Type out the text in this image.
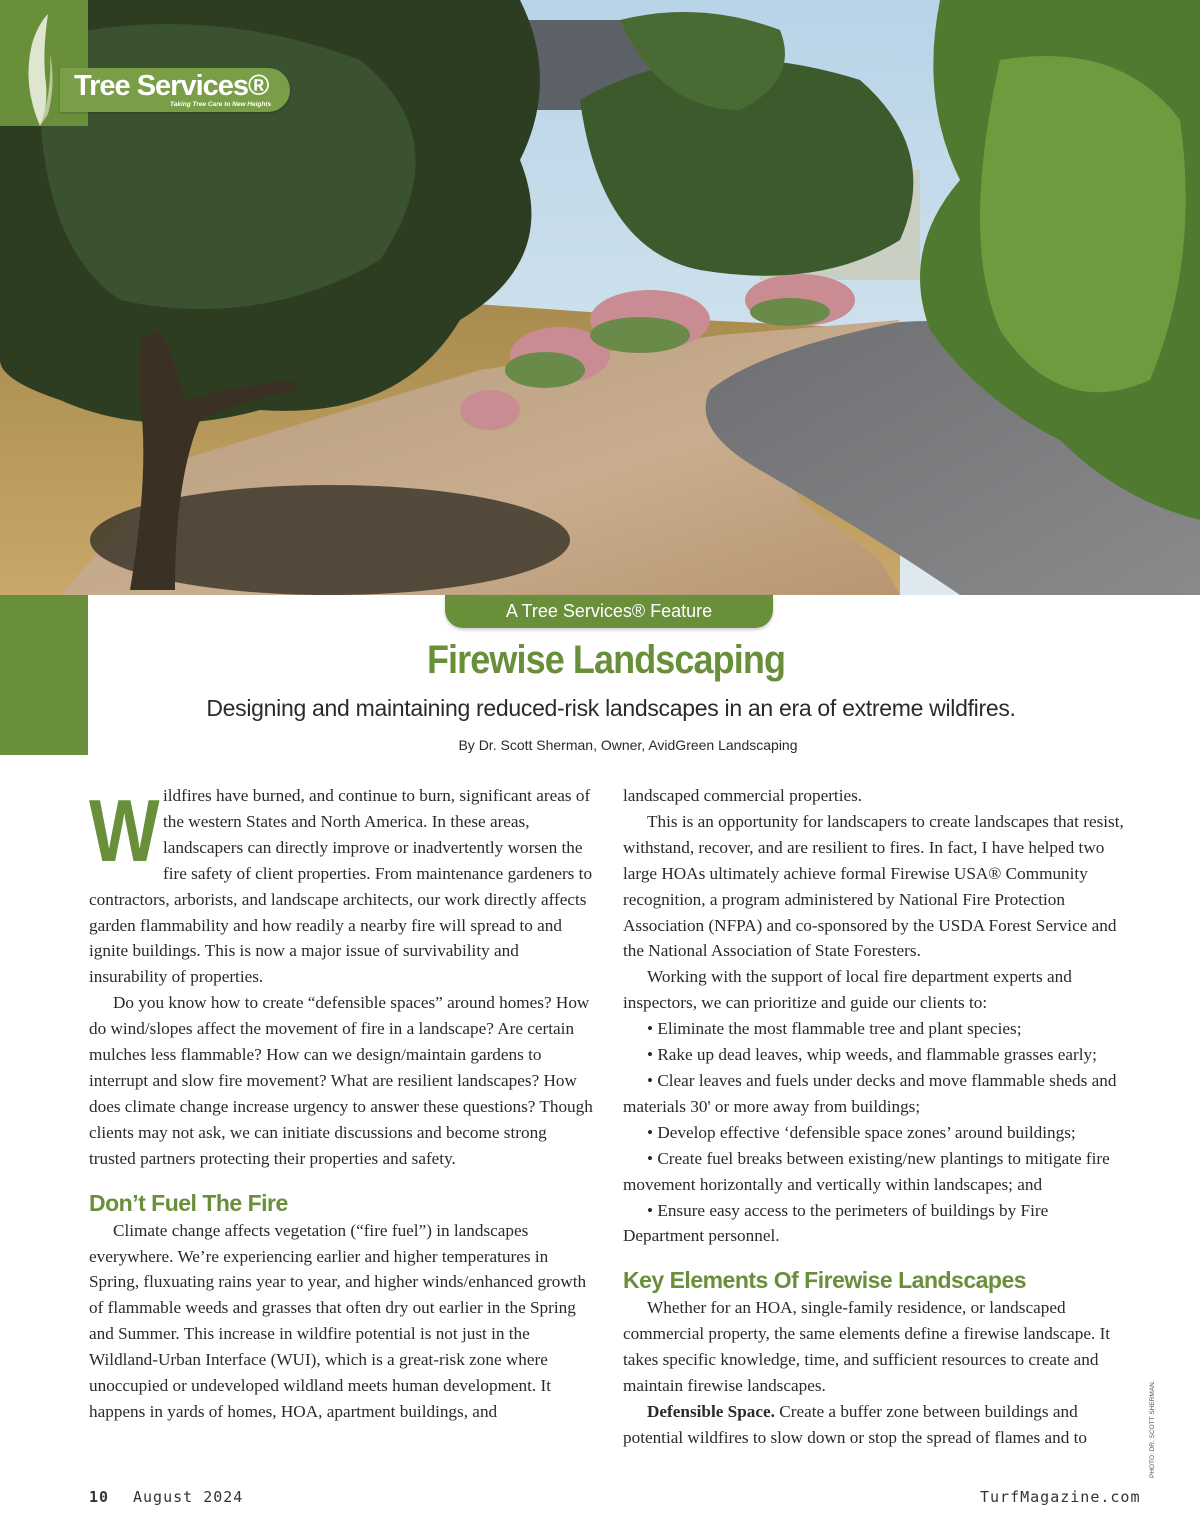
Tree Services®
Taking Tree Care to New Heights
A Tree Services® Feature
Firewise Landscaping
Designing and maintaining reduced-risk landscapes in an era of extreme wildfires.
By Dr. Scott Sherman, Owner, AvidGreen Landscaping
W ildfires have burned, and continue to burn, significant areas of the western States and North America. In these areas, landscapers can directly improve or inadvertently worsen the fire safety of client properties. From maintenance gardeners to contractors, arborists, and landscape architects, our work directly affects garden flammability and how readily a nearby fire will spread to and ignite buildings. This is now a major issue of survivability and insurability of properties.

Do you know how to create “defensible spaces” around homes? How do wind/slopes affect the movement of fire in a landscape? Are certain mulches less flammable? How can we design/maintain gardens to interrupt and slow fire movement? What are resilient landscapes? How does climate change increase urgency to answer these questions? Though clients may not ask, we can initiate discussions and become strong trusted partners protecting their properties and safety.

Don’t Fuel The Fire

Climate change affects vegetation (“fire fuel”) in landscapes everywhere. We’re experiencing earlier and higher temperatures in Spring, fluxuating rains year to year, and higher winds/enhanced growth of flammable weeds and grasses that often dry out earlier in the Spring and Summer. This increase in wildfire potential is not just in the Wildland-Urban Interface (WUI), which is a great-risk zone where unoccupied or undeveloped wildland meets human development. It happens in yards of homes, HOA, apartment buildings, and

landscaped commercial properties.

This is an opportunity for landscapers to create landscapes that resist, withstand, recover, and are resilient to fires. In fact, I have helped two large HOAs ultimately achieve formal Firewise USA® Community recognition, a program administered by National Fire Protection Association (NFPA) and co-sponsored by the USDA Forest Service and the National Association of State Foresters.

Working with the support of local fire department experts and inspectors, we can prioritize and guide our clients to:

• Eliminate the most flammable tree and plant species;

• Rake up dead leaves, whip weeds, and flammable grasses early;

• Clear leaves and fuels under decks and move flammable sheds and materials 30' or more away from buildings;

• Develop effective ‘defensible space zones’ around buildings;

• Create fuel breaks between existing/new plantings to mitigate fire movement horizontally and vertically within landscapes; and

• Ensure easy access to the perimeters of buildings by Fire Department personnel.

Key Elements Of Firewise Landscapes

Whether for an HOA, single-family residence, or landscaped commercial property, the same elements define a firewise landscape. It takes specific knowledge, time, and sufficient resources to create and maintain firewise landscapes.

Defensible Space. Create a buffer zone between buildings and potential wildfires to slow down or stop the spread of flames and to	PHOTO: DR. SCOTT SHERMAN.
10 August 2024	TurfMagazine.com
